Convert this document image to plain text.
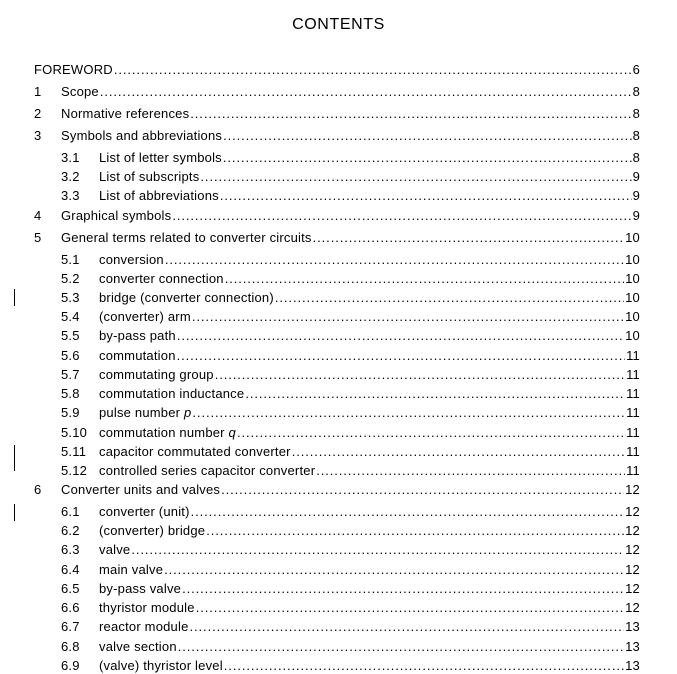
CONTENTS
FOREWORD .....	6
1	Scope .....	8
2	Normative references .....	8
3	Symbols and abbreviations .....	8
3.1	List of letter symbols .....	8
3.2	List of subscripts .....	9
3.3	List of abbreviations .....	9
4	Graphical symbols .....	9
5	General terms related to converter circuits .....	10
5.1	conversion .....	10
5.2	converter connection .....	10
5.3	bridge (converter connection) .....	10
5.4	(converter) arm .....	10
5.5	by-pass path .....	10
5.6	commutation .....	11
5.7	commutating group .....	11
5.8	commutation inductance .....	11
5.9	pulse number p .....	11
5.10 commutation number q .....	11
5.11 capacitor commutated converter .....	11
5.12 controlled series capacitor converter .....	11
6	Converter units and valves .....	12
6.1	converter (unit) .....	12
6.2	(converter) bridge .....	12
6.3	valve .....	12
6.4	main valve .....	12
6.5	by-pass valve .....	12
6.6	thyristor module .....	12
6.7	reactor module .....	13
6.8	valve section .....	13
6.9	(valve) thyristor level .....	13
